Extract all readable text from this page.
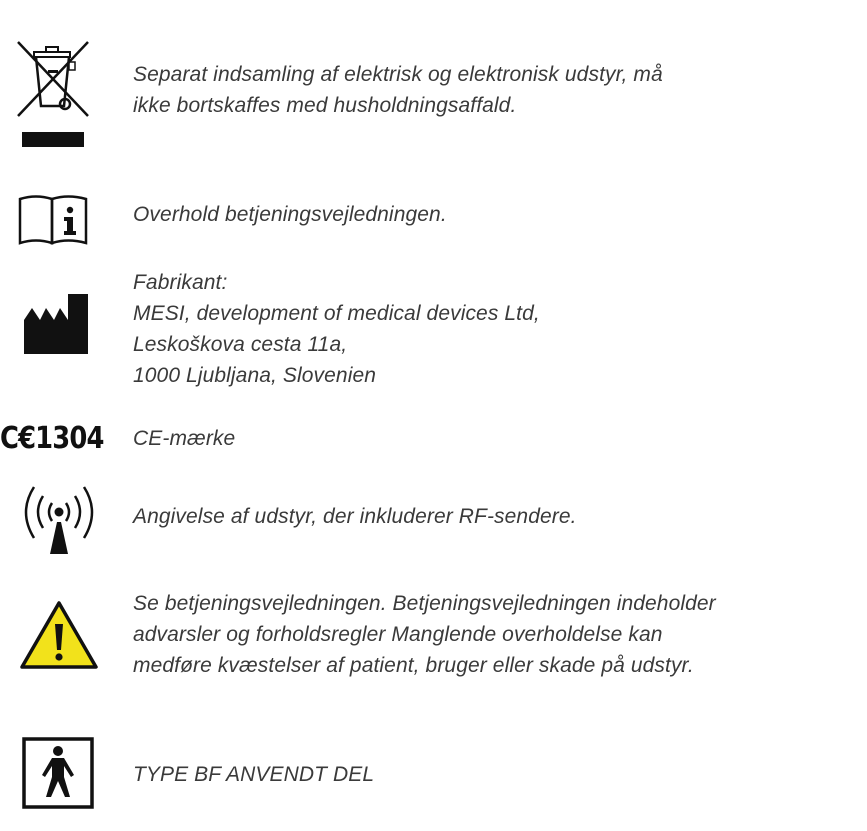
Separat indsamling af elektrisk og elektronisk udstyr, må
ikke bortskaffes med husholdningsaffald.
Overhold betjeningsvejledningen.
Fabrikant:
MESI, development of medical devices Ltd,
Leskoškova cesta 11a,
1000 Ljubljana, Slovenien
C€1304 CE-mærke
Angivelse af udstyr, der inkluderer RF-sendere.
Se betjeningsvejledningen. Betjeningsvejledningen indeholder
advarsler og forholdsregler Manglende overholdelse kan
medføre kvæstelser af patient, bruger eller skade på udstyr.
TYPE BF ANVENDT DEL
